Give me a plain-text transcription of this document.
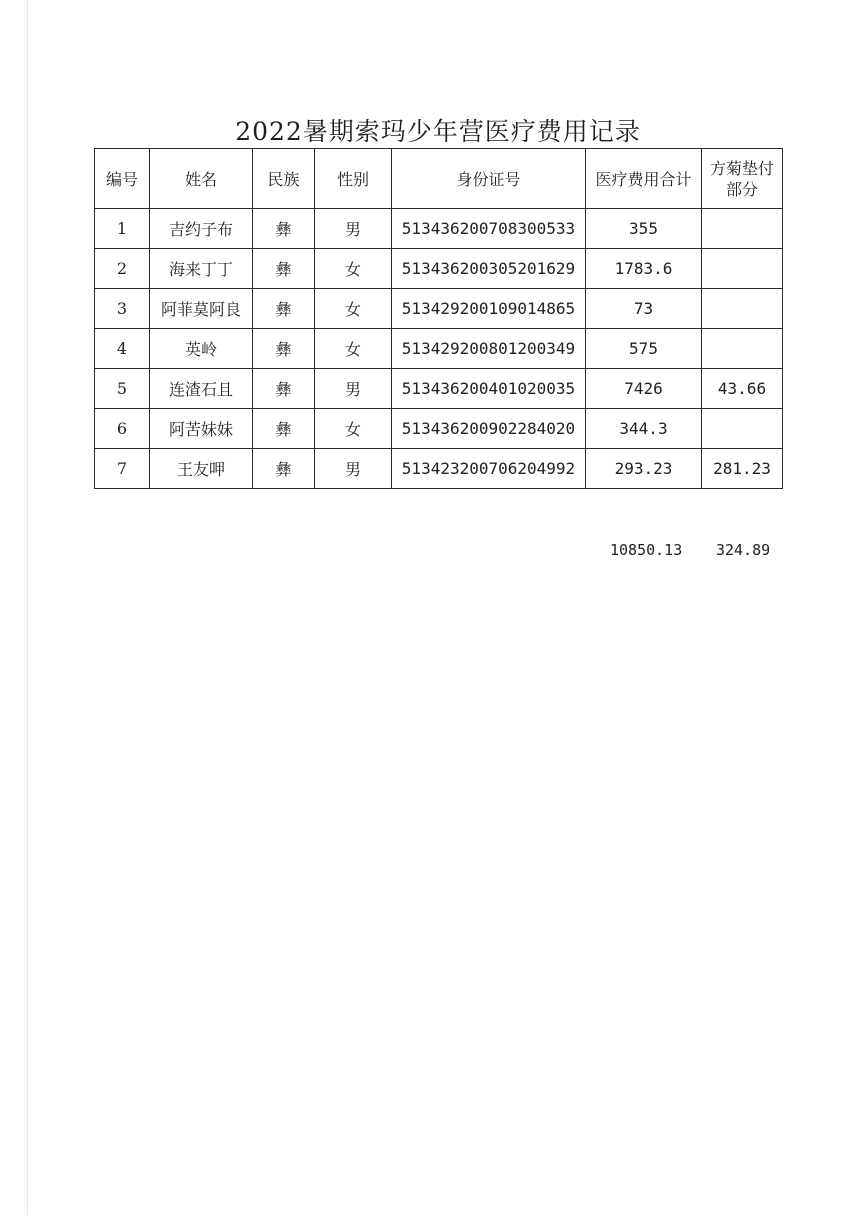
2022暑期索玛少年营医疗费用记录
编号	姓名	民族	性别	身份证号	医疗费用合计	方菊垫付
部分
1	吉约子布	彝	男	513436200708300533	355	
2	海来丁丁	彝	女	513436200305201629	1783.6	
3	阿菲莫阿良	彝	女	513429200109014865	73	
4	英岭	彝	女	513429200801200349	575	
5	连渣石且	彝	男	513436200401020035	7426	43.66
6	阿苦妹妹	彝	女	513436200902284020	344.3	
7	王友呷	彝	男	513423200706204992	293.23	281.23
10850.13 324.89
